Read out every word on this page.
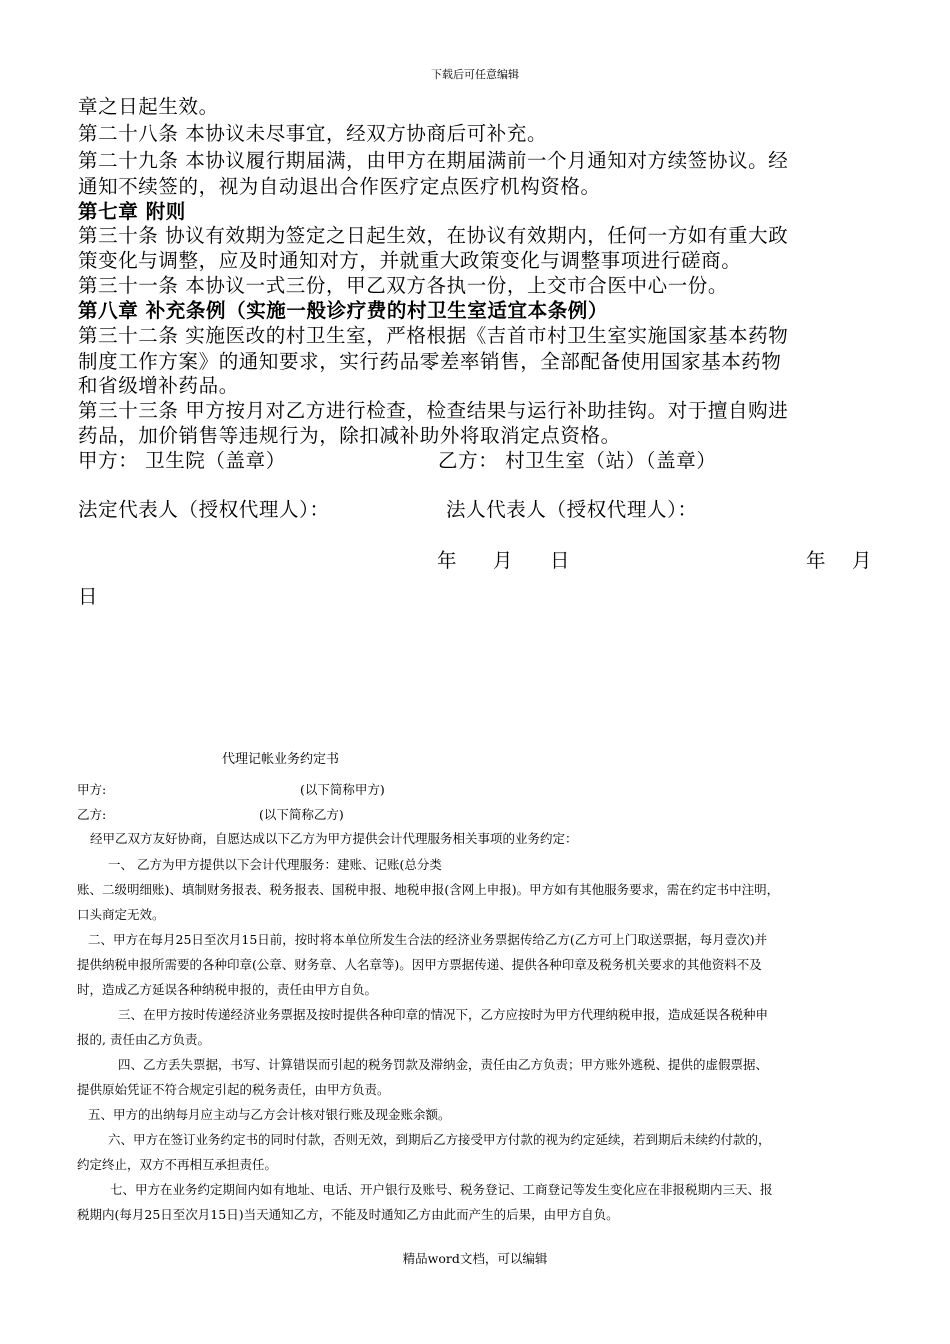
下载后可任意编辑
章之日起生效。
第二十八条 本协议未尽事宜，经双方协商后可补充。
第二十九条 本协议履行期届满，由甲方在期届满前一个月通知对方续签协议。经
通知不续签的，视为自动退出合作医疗定点医疗机构资格。
第七章 附则
第三十条 协议有效期为签定之日起生效，在协议有效期内，任何一方如有重大政
策变化与调整，应及时通知对方，并就重大政策变化与调整事项进行磋商。
第三十一条 本协议一式三份，甲乙双方各执一份，上交市合医中心一份。
第八章 补充条例（实施一般诊疗费的村卫生室适宜本条例）
第三十二条 实施医改的村卫生室，严格根据《吉首市村卫生室实施国家基本药物
制度工作方案》的通知要求，实行药品零差率销售，全部配备使用国家基本药物
和省级增补药品。
第三十三条 甲方按月对乙方进行检查，检查结果与运行补助挂钩。对于擅自购进
药品，加价销售等违规行为，除扣减补助外将取消定点资格。
甲方： 卫生院（盖章）	乙方： 村卫生室（站）（盖章）
法定代表人（授权代理人）：	法人代表人（授权代理人）：
年 月 日	年 月
日
代理记帐业务约定书
甲方:	(以下简称甲方)
乙方:	(以下简称乙方)
经甲乙双方友好协商，自愿达成以下乙方为甲方提供会计代理服务相关事项的业务约定：
一、 乙方为甲方提供以下会计代理服务：建账、记账(总分类
账、二级明细账)、填制财务报表、税务报表、国税申报、地税申报(含网上申报)。甲方如有其他服务要求，需在约定书中注明，
口头商定无效。
二、甲方在每月25日至次月15日前，按时将本单位所发生合法的经济业务票据传给乙方(乙方可上门取送票据，每月壹次)并
提供纳税申报所需要的各种印章(公章、财务章、人名章等)。因甲方票据传递、提供各种印章及税务机关要求的其他资料不及
时，造成乙方延误各种纳税申报的，责任由甲方自负。
三、在甲方按时传递经济业务票据及按时提供各种印章的情况下，乙方应按时为甲方代理纳税申报，造成延误各税种申
报的, 责任由乙方负责。
四、乙方丢失票据，书写、计算错误而引起的税务罚款及滞纳金，责任由乙方负责；甲方账外逃税、提供的虚假票据、
提供原始凭证不符合规定引起的税务责任，由甲方负责。
五、甲方的出纳每月应主动与乙方会计核对银行账及现金账余额。
六、甲方在签订业务约定书的同时付款，否则无效，到期后乙方接受甲方付款的视为约定延续，若到期后未续约付款的，
约定终止，双方不再相互承担责任。
七、甲方在业务约定期间内如有地址、电话、开户银行及账号、税务登记、工商登记等发生变化应在非报税期内三天、报
税期内(每月25日至次月15日)当天通知乙方，不能及时通知乙方由此而产生的后果，由甲方自负。
精品word文档，可以编辑
